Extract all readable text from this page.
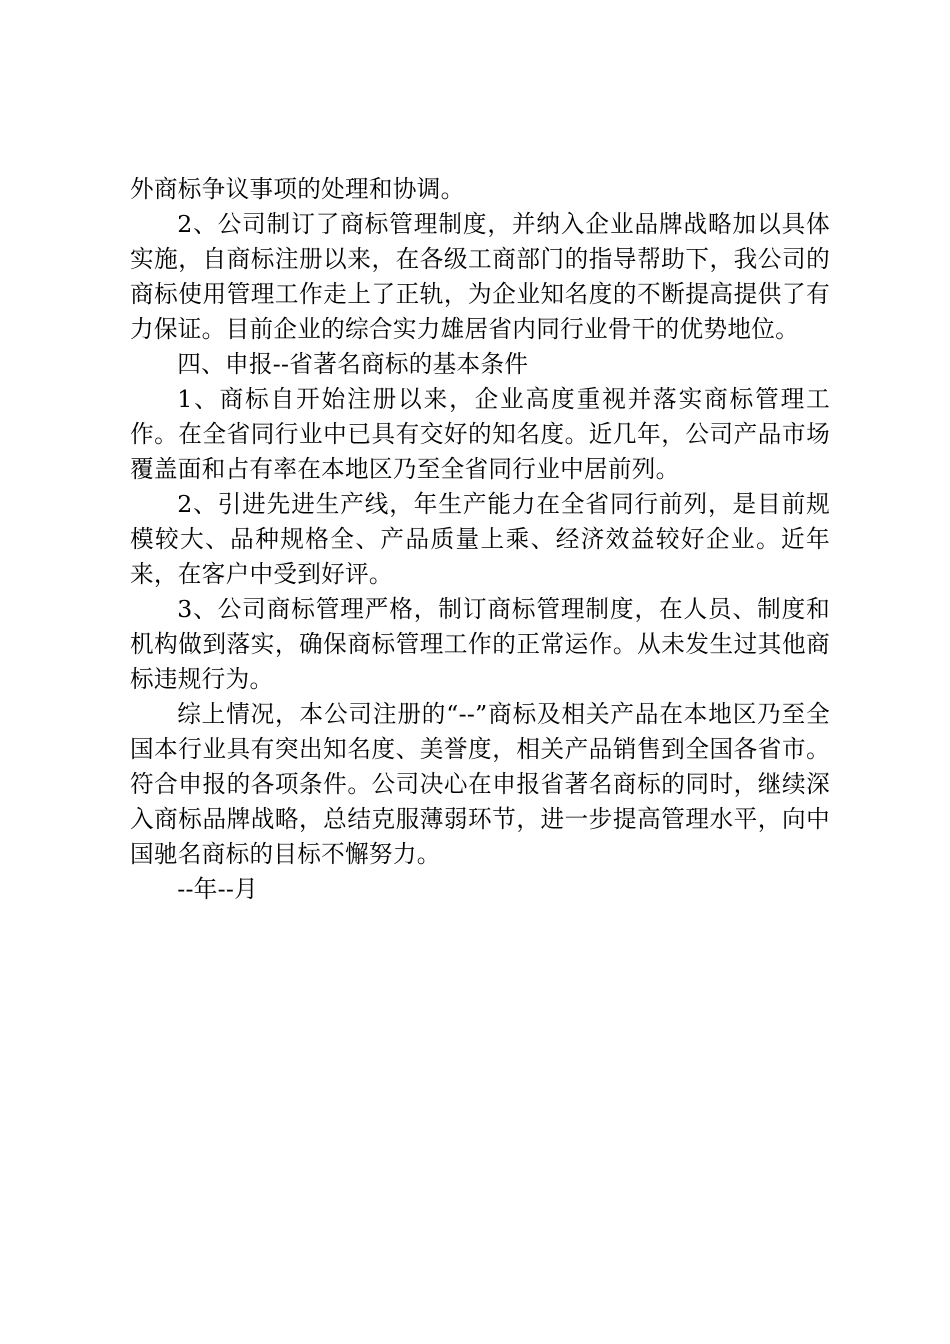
外商标争议事项的处理和协调。

2、公司制订了商标管理制度，并纳入企业品牌战略加以具体实施，自商标注册以来，在各级工商部门的指导帮助下，我公司的商标使用管理工作走上了正轨，为企业知名度的不断提高提供了有力保证。目前企业的综合实力雄居省内同行业骨干的优势地位。

四、申报--省著名商标的基本条件

1、商标自开始注册以来，企业高度重视并落实商标管理工作。在全省同行业中已具有交好的知名度。近几年，公司产品市场覆盖面和占有率在本地区乃至全省同行业中居前列。

2、引进先进生产线，年生产能力在全省同行前列，是目前规模较大、品种规格全、产品质量上乘、经济效益较好企业。近年来，在客户中受到好评。

3、公司商标管理严格，制订商标管理制度，在人员、制度和机构做到落实，确保商标管理工作的正常运作。从未发生过其他商标违规行为。

综上情况，本公司注册的“--”商标及相关产品在本地区乃至全国本行业具有突出知名度、美誉度，相关产品销售到全国各省市。符合申报的各项条件。公司决心在申报省著名商标的同时，继续深入商标品牌战略，总结克服薄弱环节，进一步提高管理水平，向中国驰名商标的目标不懈努力。

--年--月
